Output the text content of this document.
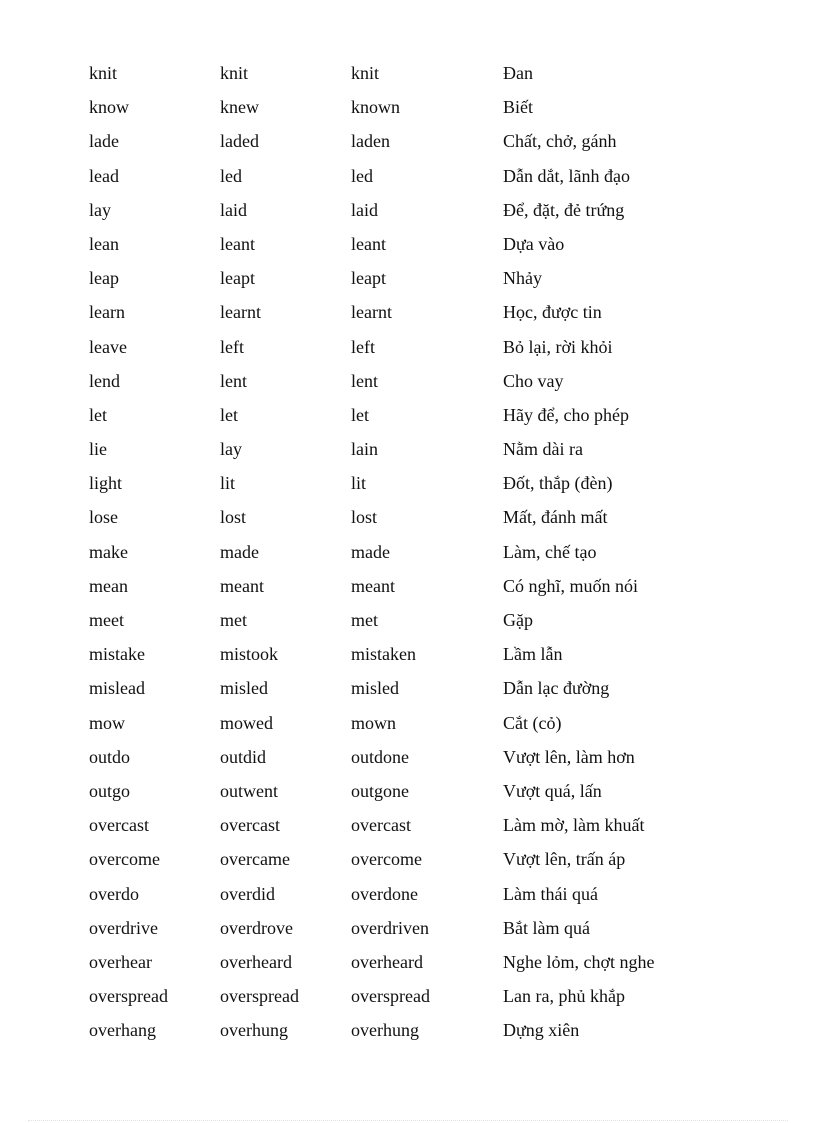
knit	knit	knit	Đan
know	knew	known	Biết
lade	laded	laden	Chất, chở, gánh
lead	led	led	Dẫn dắt, lãnh đạo
lay	laid	laid	Để, đặt, đẻ trứng
lean	leant	leant	Dựa vào
leap	leapt	leapt	Nhảy
learn	learnt	learnt	Học, được tin
leave	left	left	Bỏ lại, rời khỏi
lend	lent	lent	Cho vay
let	let	let	Hãy để, cho phép
lie	lay	lain	Nằm dài ra
light	lit	lit	Đốt, thắp (đèn)
lose	lost	lost	Mất, đánh mất
make	made	made	Làm, chế tạo
mean	meant	meant	Có nghĩ, muốn nói
meet	met	met	Gặp
mistake	mistook	mistaken	Lầm lẫn
mislead	misled	misled	Dẫn lạc đường
mow	mowed	mown	Cắt (cỏ)
outdo	outdid	outdone	Vượt lên, làm hơn
outgo	outwent	outgone	Vượt quá, lấn
overcast	overcast	overcast	Làm mờ, làm khuất
overcome	overcame	overcome	Vượt lên, trấn áp
overdo	overdid	overdone	Làm thái quá
overdrive	overdrove	overdriven	Bắt làm quá
overhear	overheard	overheard	Nghe lỏm, chợt nghe
overspread	overspread	overspread	Lan ra, phủ khắp
overhang	overhung	overhung	Dựng xiên
